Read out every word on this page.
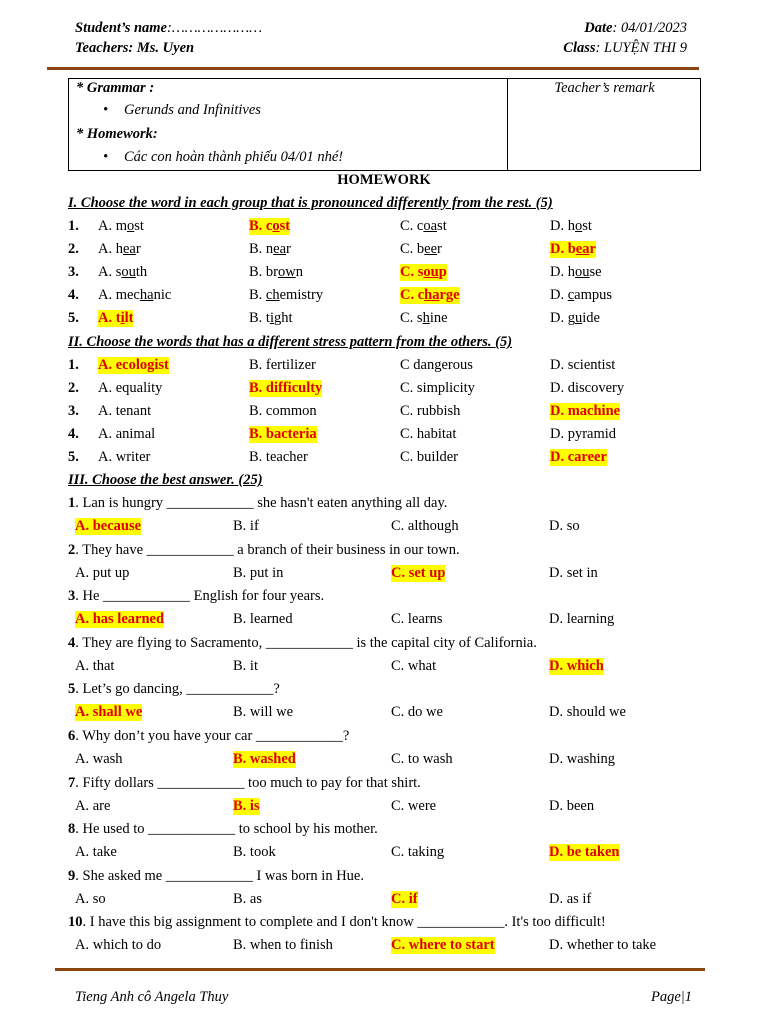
Student’s name:…………………	Date: 04/01/2023
Teachers: Ms. Uyen	Class: LUYỆN THI 9
* Grammar :
• Gerunds and Infinitives
* Homework:
• Các con hoàn thành phiếu 04/01 nhé!
Teacher’s remark
HOMEWORK
I. Choose the word in each group that is pronounced differently from the rest. (5)
1. A. most	B. cost	C. coast	D. host
2. A. hear	B. near	C. beer	D. bear
3. A. south	B. brown	C. soup	D. house
4. A. mechanic	B. chemistry	C. charge	D. campus
5. A. tilt	B. tight	C. shine	D. guide
II. Choose the words that has a different stress pattern from the others. (5)
1. A. ecologist	B. fertilizer	C dangerous	D. scientist
2. A. equality	B. difficulty	C. simplicity	D. discovery
3. A. tenant	B. common	C. rubbish	D. machine
4. A. animal	B. bacteria	C. habitat	D. pyramid
5. A. writer	B. teacher	C. builder	D. career
III. Choose the best answer. (25)
1. Lan is hungry ____________ she hasn't eaten anything all day.
A. because	B. if	C. although	D. so
2. They have ____________ a branch of their business in our town.
A. put up	B. put in	C. set up	D. set in
3. He ____________ English for four years.
A. has learned	B. learned	C. learns	D. learning
4. They are flying to Sacramento, ____________ is the capital city of California.
A. that	B. it	C. what	D. which
5. Let’s go dancing, ____________?
A. shall we	B. will we	C. do we	D. should we
6. Why don’t you have your car ____________?
A. wash	B. washed	C. to wash	D. washing
7. Fifty dollars ____________ too much to pay for that shirt.
A. are	B. is	C. were	D. been
8. He used to ____________ to school by his mother.
A. take	B. took	C. taking	D. be taken
9. She asked me ____________ I was born in Hue.
A. so	B. as	C. if	D. as if
10. I have this big assignment to complete and I don't know ____________. It's too difficult!
A. which to do	B. when to finish	C. where to start	D. whether to take
Tieng Anh cô Angela Thuy	Page|1
